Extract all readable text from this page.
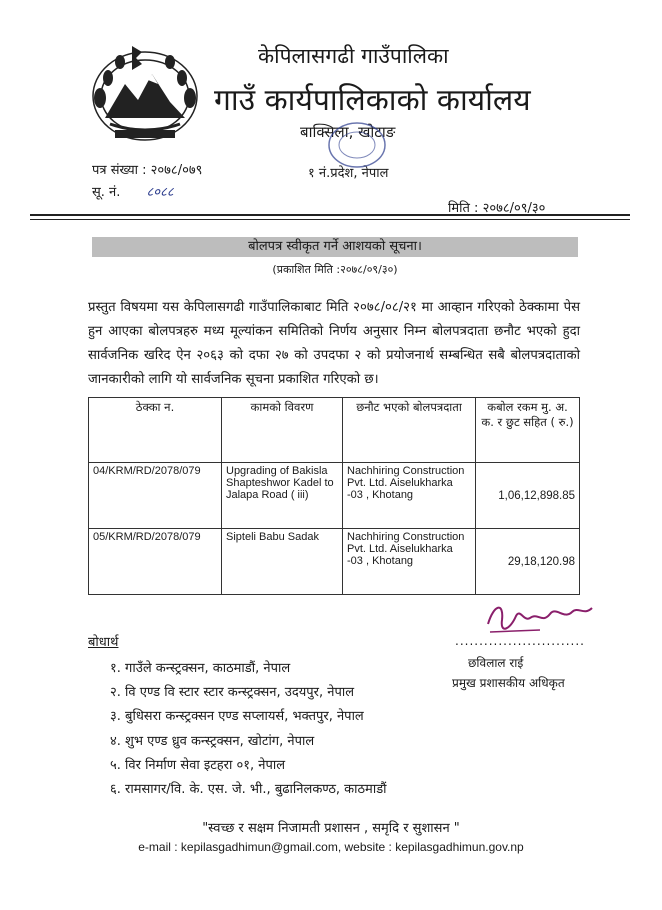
केपिलासगढी गाउँपालिका
गाउँ कार्यपालिकाको कार्यालय
बाक्सिला, खोटाङ
१ नं.प्रदेश, नेपाल
पत्र संख्या : २०७८/०७९
सू. नं. ८०८८
मिति : २०७८/०९/३०
बोलपत्र स्वीकृत गर्ने आशयको सूचना।
(प्रकाशित मिति :२०७८/०९/३०)
प्रस्तुत विषयमा यस केपिलासगढी गाउँपालिकाबाट मिति २०७८/०८/२१ मा आव्हान गरिएको ठेक्कामा पेस हुन आएका बोलपत्रहरु मध्य मूल्यांकन समितिको निर्णय अनुसार निम्न बोलपत्रदाता छनौट भएको हुदा सार्वजनिक खरिद ऐन २०६३ को दफा २७ को उपदफा २ को प्रयोजनार्थ सम्बन्धित सबै बोलपत्रदाताको जानकारीको लागि यो सार्वजनिक सूचना प्रकाशित गरिएको छ।
ठेक्का न.	कामको विवरण	छनौट भएको बोलपत्रदाता	कबोल रकम मु. अ. क. र छुट सहित ( रु.)
04/KRM/RD/2078/079	Upgrading of Bakisla Shapteshwor Kadel to Jalapa Road ( iii)	Nachhiring Construction Pvt. Ltd. Aiselukharka -03 , Khotang	1,06,12,898.85
05/KRM/RD/2078/079	Sipteli Babu Sadak	Nachhiring Construction Pvt. Ltd. Aiselukharka -03 , Khotang	29,18,120.98
...........................
छविलाल राई
प्रमुख प्रशासकीय अधिकृत
बोधार्थ
१. गाउँले कन्स्ट्रक्सन, काठमाडौं, नेपाल
२. वि एण्ड वि स्टार स्टार कन्स्ट्रक्सन, उदयपुर, नेपाल
३. बुधिसरा कन्स्ट्रक्सन एण्ड सप्लायर्स, भक्तपुर, नेपाल
४. शुभ एण्ड ध्रुव कन्स्ट्रक्सन, खोटांग, नेपाल
५. विर निर्माण सेवा इटहरा ०१, नेपाल
६. रामसागर/वि. के. एस. जे. भी., बुढानिलकण्ठ, काठमाडौं
"स्वच्छ र सक्षम निजामती प्रशासन , समृदि र सुशासन "
e-mail : kepilasgadhimun@gmail.com, website : kepilasgadhimun.gov.np
